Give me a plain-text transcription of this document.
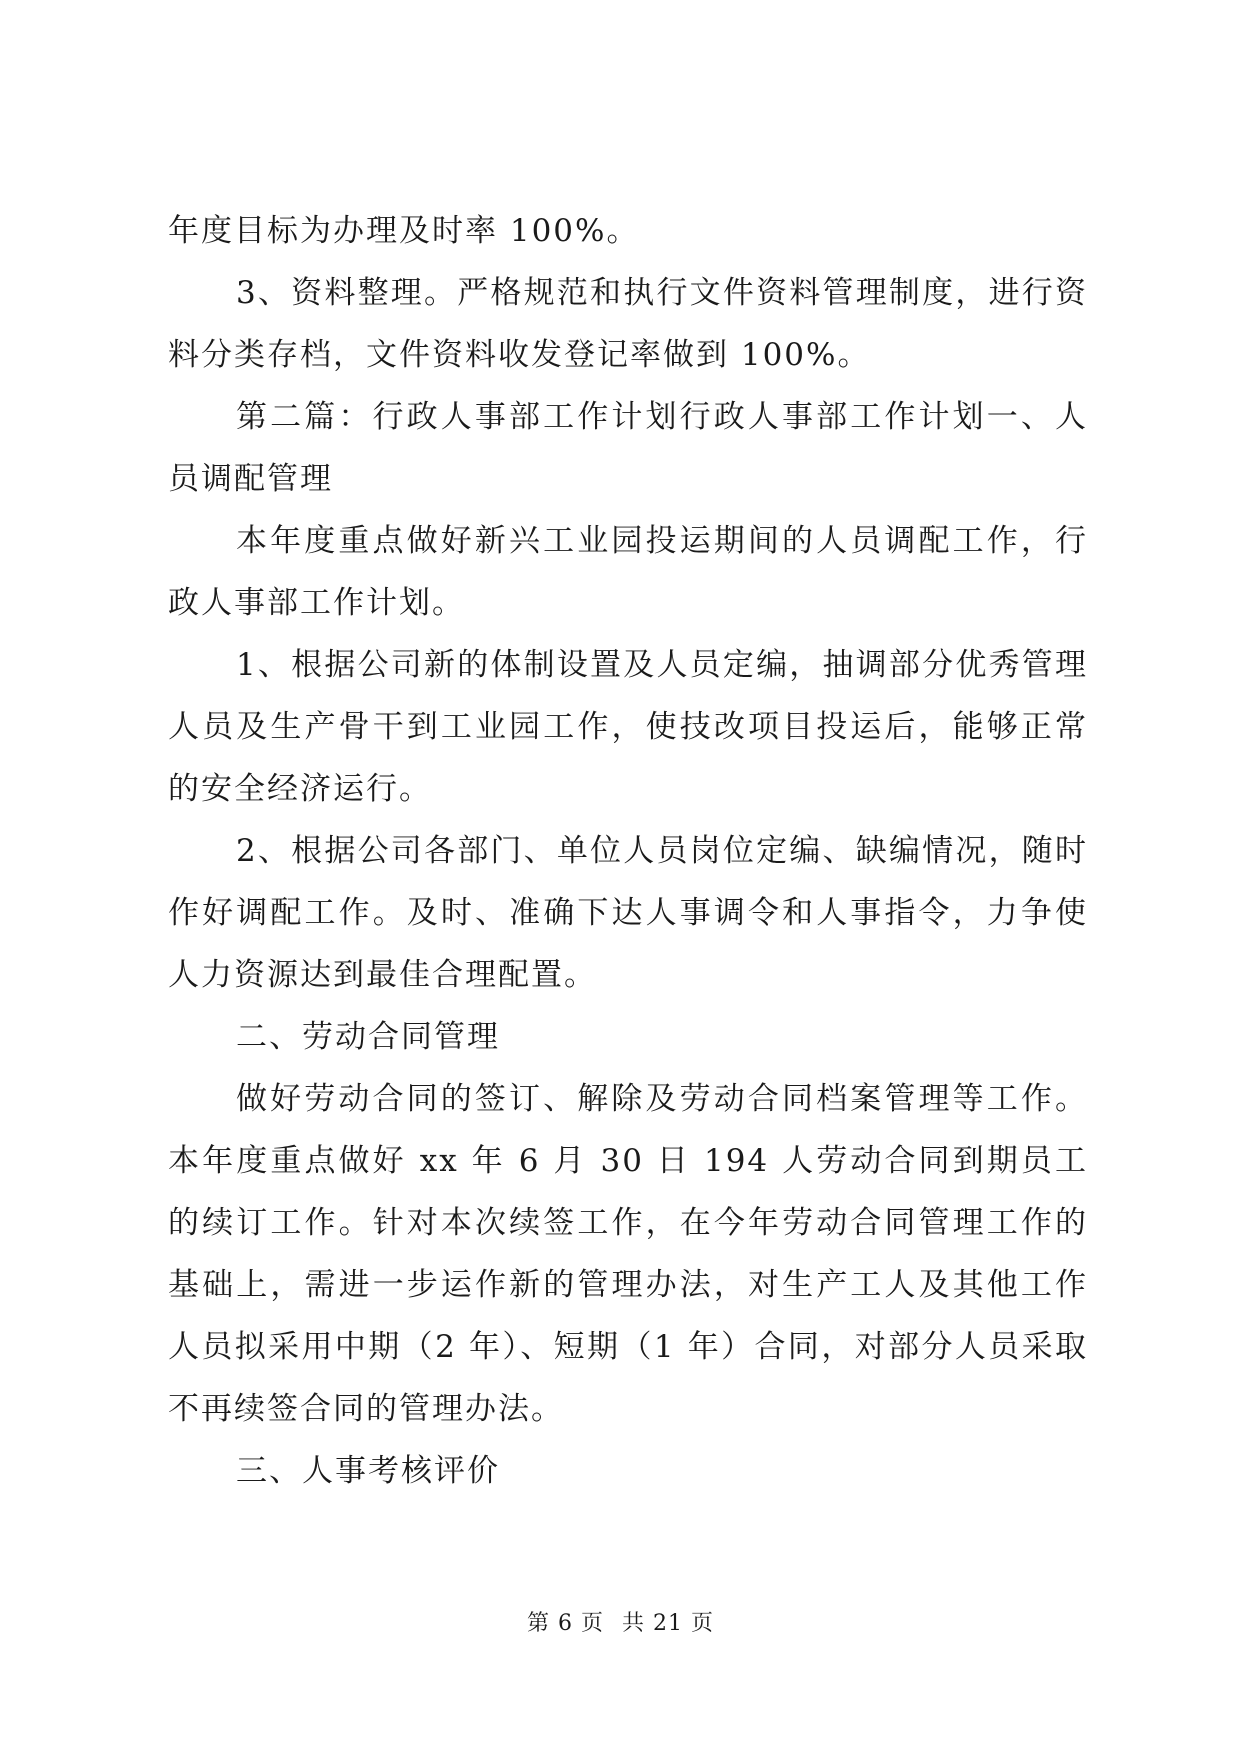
年度目标为办理及时率 100%。

3、资料整理。严格规范和执行文件资料管理制度，进行资料分类存档，文件资料收发登记率做到 100%。

第二篇：行政人事部工作计划行政人事部工作计划一、人员调配管理

本年度重点做好新兴工业园投运期间的人员调配工作，行政人事部工作计划。

1、根据公司新的体制设置及人员定编，抽调部分优秀管理人员及生产骨干到工业园工作，使技改项目投运后，能够正常的安全经济运行。

2、根据公司各部门、单位人员岗位定编、缺编情况，随时作好调配工作。及时、准确下达人事调令和人事指令，力争使人力资源达到最佳合理配置。

二、劳动合同管理

做好劳动合同的签订、解除及劳动合同档案管理等工作。本年度重点做好 xx 年 6 月 30 日 194 人劳动合同到期员工的续订工作。针对本次续签工作，在今年劳动合同管理工作的基础上，需进一步运作新的管理办法，对生产工人及其他工作人员拟采用中期（2 年）、短期（1 年）合同，对部分人员采取不再续签合同的管理办法。

三、人事考核评价

第 6 页 共 21 页
